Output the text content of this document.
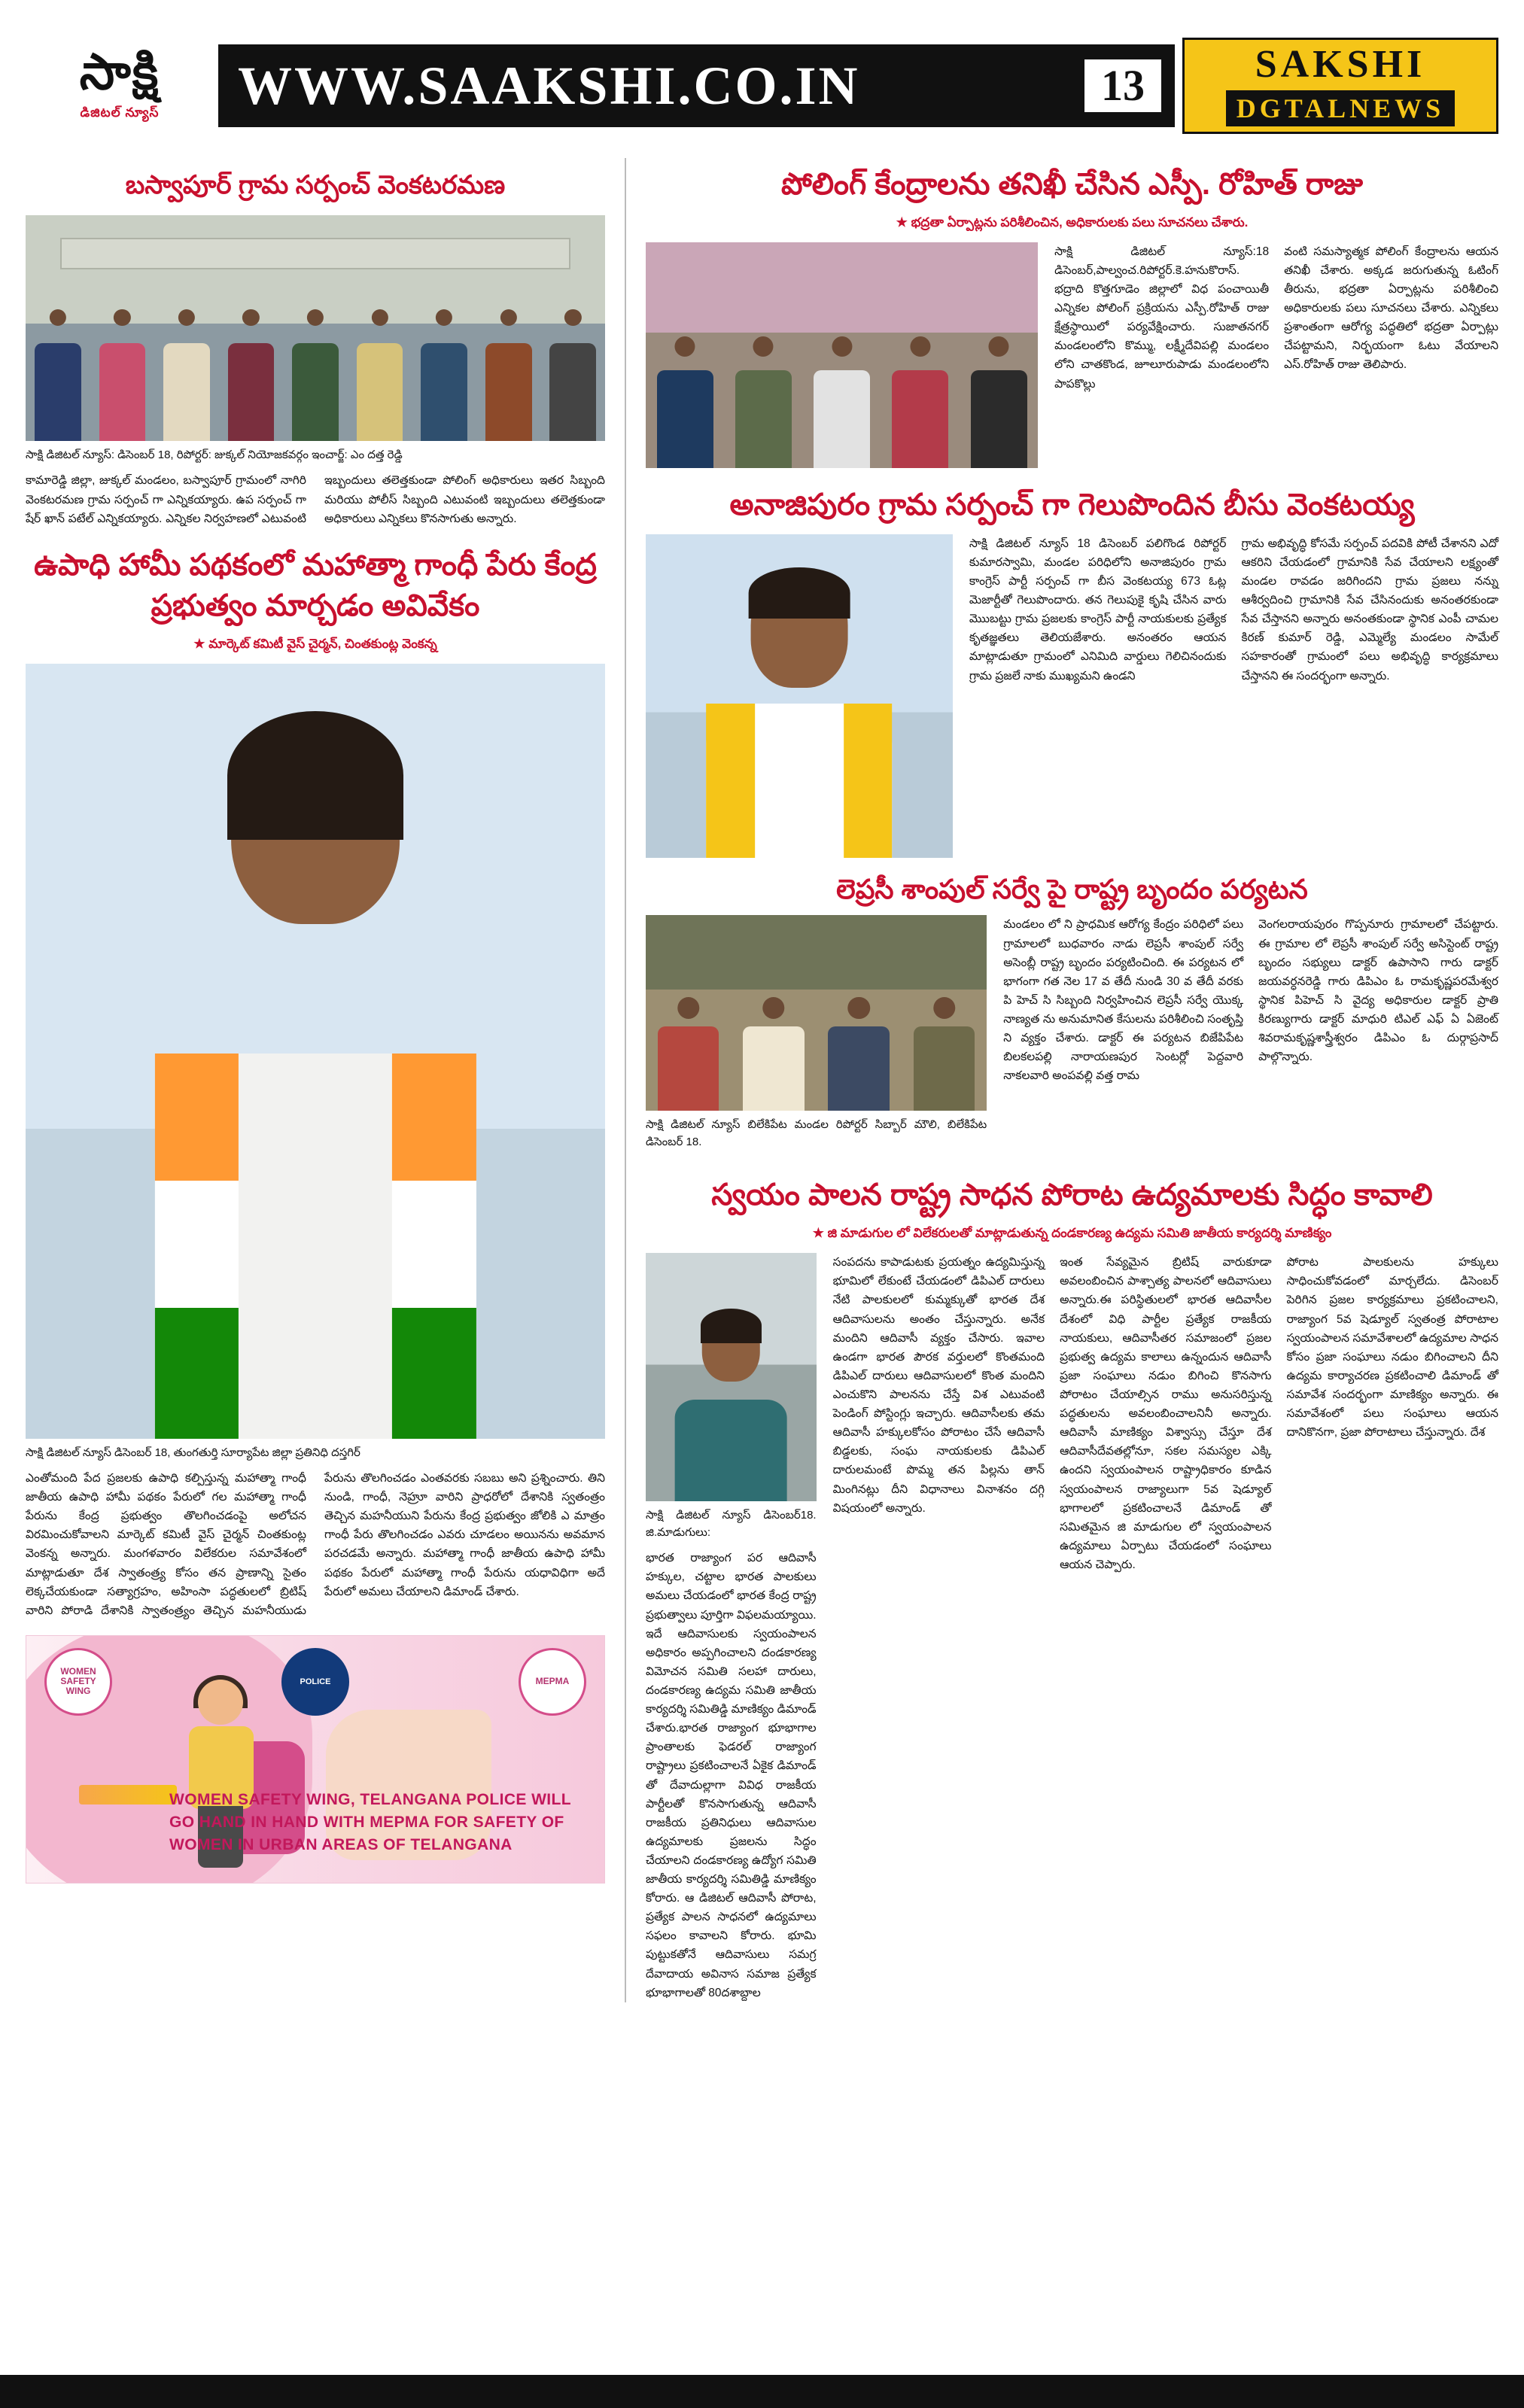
సాక్షి
డిజిటల్ న్యూస్ WWW.SAAKSHI.CO.IN	13	SAKSHI
DGTALNEWS
బస్వాపూర్ గ్రామ సర్పంచ్ వెంకటరమణ
సాక్షి డిజిటల్ న్యూస్: డిసెంబర్ 18, రిపోర్టర్: జుక్కల్ నియోజకవర్గం ఇంచార్జ్: ఎం దత్త రెడ్డి
కామారెడ్డి జిల్లా, జుక్కల్ మండలం, బస్వాపూర్ గ్రామంలో నాగిరి వెంకటరమణ గ్రామ సర్పంచ్ గా ఎన్నికయ్యారు. ఉప సర్పంచ్ గా షేర్ ఖాన్ పటేల్ ఎన్నికయ్యారు. ఎన్నికల నిర్వహణలో ఎటువంటి ఇబ్బందులు తలెత్తకుండా పోలింగ్ అధికారులు ఇతర సిబ్బంది మరియు పోలీస్ సిబ్బంది ఎటువంటి ఇబ్బందులు తలెత్తకుండా అధికారులు ఎన్నికలు కొనసాగుతు అన్నారు.
ఉపాధి హామీ పథకంలో మహాత్మా గాంధీ పేరు కేంద్ర ప్రభుత్వం మార్చడం అవివేకం
★ మార్కెట్ కమిటీ వైస్ చైర్మన్, చింతకుంట్ల వెంకన్న
సాక్షి డిజిటల్ న్యూస్ డిసెంబర్ 18, తుంగతుర్తి సూర్యాపేట జిల్లా ప్రతినిధి దస్తగిర్
ఎంతోమంది పేద ప్రజలకు ఉపాధి కల్పిస్తున్న మహాత్మా గాంధీ జాతీయ ఉపాధి హామీ పథకం పేరులో గల మహాత్మా గాంధీ పేరును కేంద్ర ప్రభుత్వం తొలగించడంపై అలోచన విరమించుకోవాలని మార్కెట్ కమిటీ వైస్ చైర్మన్ చింతకుంట్ల వెంకన్న అన్నారు. మంగళవారం విలేకరుల సమావేశంలో మాట్లాడుతూ దేశ స్వాతంత్ర్య కోసం తన ప్రాణాన్ని సైతం లెక్కచేయకుండా సత్యాగ్రహం, అహింసా పద్ధతులలో బ్రిటిష్ వారిని పోరాడి దేశానికి స్వాతంత్ర్యం తెచ్చిన మహనీయుడు పేరును తొలగించడం ఎంతవరకు సబబు అని ప్రశ్నించారు. తిని నుండి, గాంధీ, నెహ్రూ వారిని ప్రాధరోలో దేశానికి స్వతంత్రం తెచ్చిన మహనీయుని పేరును కేంద్ర ప్రభుత్వం జోలికి ఎ మాత్రం గాంధీ పేరు తొలగించడం ఎవరు చూడలం అయినను అవమాన పరచడమే అన్నారు. మహాత్మా గాంధీ జాతీయ ఉపాధి హామీ పథకం పేరులో మహాత్మా గాంధీ పేరును యధావిధిగా అదే పేరులో అమలు చేయాలని డిమాండ్ చేశారు.
WOMEN SAFETY WING
POLICE	MEPMA
WOMEN SAFETY WING, TELANGANA POLICE WILL GO HAND IN HAND WITH MEPMA FOR SAFETY OF WOMEN IN URBAN AREAS OF TELANGANA
పోలింగ్ కేంద్రాలను తనిఖీ చేసిన ఎస్పీ. రోహిత్ రాజు
★ భద్రతా ఏర్పాట్లను పరిశీలించిన, అధికారులకు పలు సూచనలు చేశారు.
సాక్షి డిజిటల్ న్యూస్:18 డిసెంబర్,పాల్వంచ.రిపోర్టర్.కె.హనుకొరాస్. భద్రాది కొత్తగూడెం జిల్లాలో విధ పంచాయితీ ఎన్నికల పోలింగ్ ప్రక్రియను ఎస్పీ.రోహిత్ రాజు క్షేత్రస్థాయిలో పర్యవేక్షించారు. సుజాతనగర్ మండలంలోని కొమ్ము, లక్ష్మీదేవిపల్లి మండలం లోని చాతకొండ, జూలూరుపాడు మండలంలోని పాపకొల్లు
వంటి సమస్యాత్మక పోలింగ్ కేంద్రాలను ఆయన తనిఖీ చేశారు. అక్కడ జరుగుతున్న ఓటింగ్ తీరును, భద్రతా ఏర్పాట్లను పరిశీలించి అధికారులకు పలు సూచనలు చేశారు. ఎన్నికలు ప్రశాంతంగా ఆరోగ్య పద్ధతిలో భద్రతా ఏర్పాట్లు చేపట్టామని, నిర్భయంగా ఓటు వేయాలని ఎస్.రోహిత్ రాజు తెలిపారు.
అనాజిపురం గ్రామ సర్పంచ్ గా గెలుపొందిన బీసు వెంకటయ్య
సాక్షి డిజిటల్ న్యూస్ 18 డిసెంబర్ పలిగొండ రిపోర్టర్ కుమారస్వామి, మండల పరిధిలోని అనాజిపురం గ్రామ కాంగ్రెస్ పార్టీ సర్పంచ్ గా బీస వెంకటయ్య 673 ఓట్ల మెజార్టీతో గెలుపొందారు. తన గెలుపుకై కృషి చేసిన వారు మెుుబట్టు గ్రామ ప్రజలకు కాంగ్రెస్ పార్టీ నాయకులకు ప్రత్యేక కృతజ్ఞతలు తెలియజేశారు. అనంతరం ఆయన మాట్లాడుతూ గ్రామంలో ఎనిమిది వార్డులు గెలిచినందుకు గ్రామ ప్రజలే నాకు ముఖ్యమని ఉండని
గ్రామ అభివృద్ధి కోసమే సర్పంచ్ పదవికి పోటీ చేశానని ఎదో ఆకరిని చేయడంలో గ్రామానికి సేవ చేయాలని లక్ష్యంతో మండల రావడం జరిగిందని గ్రామ ప్రజలు నన్ను ఆశీర్వదించి గ్రామానికి సేవ చేసినందుకు అనంతరకుండా సేవ చేస్తానని అన్నారు అనంతకుండా స్థానిక ఎంపీ చామల కిరణ్ కుమార్ రెడ్డి, ఎమ్మెల్యే మండలం సామేల్ సహకారంతో గ్రామంలో పలు అభివృద్ధి కార్యక్రమాలు చేస్తానని ఈ సందర్భంగా అన్నారు.
లెప్రసీ శాంపుల్ సర్వే పై రాష్ట్ర బృందం పర్యటన
సాక్షి డిజిటల్ న్యూస్ బిలేకిపేట మండల రిపోర్టర్ సిబ్బార్ మౌలి, బిలేకిపేట డిసెంబర్ 18.
మండలం లో ని ప్రాధమిక ఆరోగ్య కేంద్రం పరిధిలో పలు గ్రామాలలో బుధవారం నాడు లెప్రసీ శాంపుల్ సర్వే అసెంబ్లీ రాష్ట్ర బృందం పర్యటించింది. ఈ పర్యటన లో భాగంగా గత నెల 17 వ తేదీ నుండి 30 వ తేదీ వరకు పి హెచ్ సి సిబ్బంది నిర్వహించిన లెప్రసీ సర్వే యొక్క నాణ్యత ను అనుమానిత కేసులను పరిశీలించి సంతృప్తి ని వ్యక్తం చేశారు. డాక్టర్ ఈ పర్యటన బిజేపిపేట బిలకలపల్లి నారాయణపుర సెంటర్లో పెద్దవారి నాకలవారి అంపవల్లి వత్త రామ
వెంగలరాయపురం గొప్పనూరు గ్రామాలలో చేపట్టారు. ఈ గ్రామాల లో లెప్రసీ శాంపుల్ సర్వే అసిస్టెంట్ రాష్ట్ర బృందం సభ్యులు డాక్టర్ ఉపాసాని గారు డాక్టర్ జయవర్ధనరెడ్డి గారు డిపిఎం ఓ రామకృష్ణపరమేశ్వర స్థానిక పిహెచ్ సి వైద్య అధికారుల డాక్టర్ ప్రాతి కిరణ్యుగారు డాక్టర్ మాధురి టిఎల్ ఎఫ్ ఏ ఏజెంట్ శివరామకృష్ణశాస్త్రీశ్వరం డిపిఎం ఓ దుర్గాప్రసాద్ పాల్గొన్నారు.
స్వయం పాలన రాష్ట్ర సాధన పోరాట ఉద్యమాలకు సిద్ధం కావాలి
★ జి మాడుగుల లో విలేకరులతో మాట్లాడుతున్న దండకారణ్య ఉద్యమ సమితి జాతీయ కార్యదర్శి మాణిక్యం
సాక్షి డిజిటల్ న్యూస్ డిసెంబర్18. జి.మాడుగులు:
భారత రాజ్యాంగ పర ఆదివాసీ హక్కుల, చట్టాల భారత పాలకులు అమలు చేయడంలో భారత కేంద్ర రాష్ట్ర ప్రభుత్వాలు పూర్తిగా విఫలమయ్యాయి. ఇదే ఆదివాసులకు స్వయంపాలన అధికారం అప్పగించాలని దండకారణ్య విమోచన సమితి సలహా దారులు, దండకారణ్య ఉద్యమ సమితి జాతీయ కార్యదర్శి సమితిడ్డి మాణిక్యం డిమాండ్ చేశారు.భారత రాజ్యాంగ భూభాగాల ప్రాంతాలకు ఫెడరల్ రాజ్యాంగ రాష్ట్రాలు ప్రకటించాలనే ఏకైక డిమాండ్ తో దేవాదుల్లాగా వివిధ రాజకీయ పార్టీలతో కొనసాగుతున్న ఆదివాసీ రాజకీయ ప్రతినిధులు ఆదివాసుల ఉద్యమాలకు ప్రజలను సిద్ధం చేయాలని దండకారణ్య ఉద్యోగ సమితి జాతీయ కార్యదర్శి సమితిడ్డి మాణిక్యం కోరారు. ఆ డిజిటల్ ఆదివాసీ పోరాట, ప్రత్యేక పాలన సాధనలో ఉద్యమాలు సఫలం కావాలని కోరారు. భూమి పుట్టుకతోనే ఆదివాసులు సమగ్ర దేవాదాయ అవినాస సమాజ ప్రత్యేక భూభాగాలతో 80దశాబ్దాల
సంపదను కాపాడుటకు ప్రయత్నం ఉద్యమిస్తున్న భూమిలో లేకుంటే చేయడంలో డిపిఎల్ దారులు నేటి పాలకులలో కుమ్మక్కుతో భారత దేశ ఆదివాసులను అంతం చేస్తున్నారు. అనేక మందిని ఆదివాసీ వ్యక్తం చేసారు. ఇవాల ఉండగా భారత పౌరక వర్తులలో కొంతమంది డిపిఎల్ దారులు ఆదివాసులలో కొంత మందిని ఎంచుకొని పాలనను చేస్తే విశ ఎటువంటి పెండింగ్ పోస్టింగ్లు ఇచ్చారు. ఆదివాసీలకు తమ ఆదివాసీ హక్కులకోసం పోరాటం చేసే ఆదివాసీ బిడ్డలకు, సంఘ నాయకులకు డిపిఎల్ దారులమంటే పొమ్మ తన పిల్లను తాన్ మింగినట్లు దీని విధానాలు వినాశనం దగ్గి విషయంలో అన్నారు.
ఇంత సేవ్యమైన బ్రిటిష్ వారుకూడా అవలంబించిన పాశ్చాత్య పాలనలో ఆదివాసులు అన్నారు.ఈ పరిస్థితులలో భారత ఆదివాసీల దేశంలో విధి పార్టీల ప్రత్యేక రాజకీయ నాయకులు, ఆదివాసీతర సమాజంలో ప్రజల ప్రభుత్వ ఉద్యమ కాలాలు ఉన్నందున ఆదివాసీ ప్రజా సంఘాలు నడుం బిగించి కొనసాగు పోరాటం చేయాల్సిన రాము అనుసరిస్తున్న పద్ధతులను అవలంబించాలనినీ అన్నారు. ఆదివాసీ మాణిక్యం విశ్వాస్సు చేస్తూ దేశ ఆదివాసీదేవతల్లోనూ, సకల సమస్యల ఎక్కి ఉందని స్వయంపాలన రాష్ట్రాధికారం కూడిన స్వయంపాలన రాజ్యాలుగా 5వ షెడ్యూల్ భాగాలలో ప్రకటించాలనే డిమాండ్ తో సమితమైన జి మాడుగుల లో స్వయంపాలన ఉద్యమాలు ఏర్పాటు చేయడంలో సంఘాలు ఆయన చెప్పారు.
పోరాట పాలకులను హక్కులు సాధించుకోవడంలో మార్చలేదు. డిసెంబర్ పెరిగిన ప్రజల కార్యక్రమాలు ప్రకటించాలని, రాజ్యాంగ 5వ షెడ్యూల్ స్వతంత్ర పోరాటాల స్వయంపాలన సమావేశాలలో ఉద్యమాల సాధన కోసం ప్రజా సంఘాలు నడుం బిగించాలని దీని ఉద్యమ కార్యాచరణ ప్రకటించాలి డిమాండ్ తో సమావేశ సందర్భంగా మాణిక్యం అన్నారు. ఈ సమావేశంలో పలు సంఘాలు ఆయన దానికొనగా, ప్రజా పోరాటాలు చేస్తున్నారు. దేశ
